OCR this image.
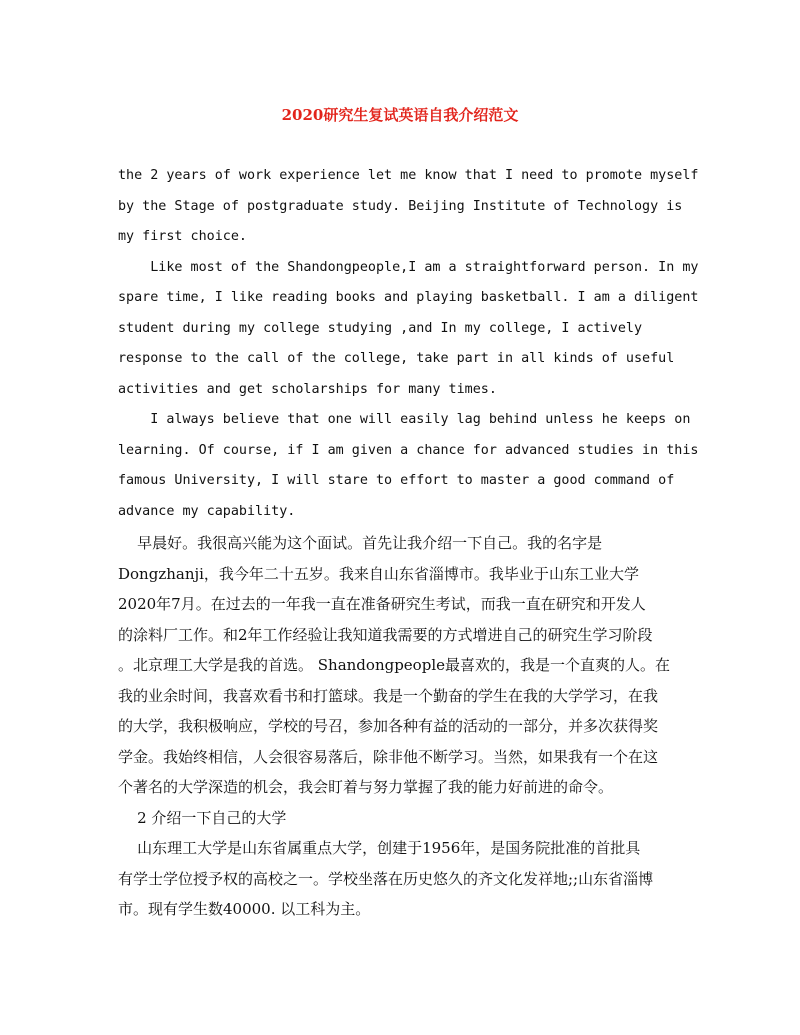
2020研究生复试英语自我介绍范文
the 2 years of work experience let me know that I need to promote myself
by the Stage of postgraduate study. Beijing Institute of Technology is
my first choice.
Like most of the Shandongpeople,I am a straightforward person. In my
spare time, I like reading books and playing basketball. I am a diligent
student during my college studying ,and In my college, I actively
response to the call of the college, take part in all kinds of useful
activities and get scholarships for many times.
I always believe that one will easily lag behind unless he keeps on
learning. Of course, if I am given a chance for advanced studies in this
famous University, I will stare to effort to master a good command of
advance my capability.
早晨好。我很高兴能为这个面试。首先让我介绍一下自己。我的名字是
Dongzhanji，我今年二十五岁。我来自山东省淄博市。我毕业于山东工业大学
2020年7月。在过去的一年我一直在准备研究生考试，而我一直在研究和开发人
的涂料厂工作。和2年工作经验让我知道我需要的方式增进自己的研究生学习阶段
。北京理工大学是我的首选。 Shandongpeople最喜欢的，我是一个直爽的人。在
我的业余时间，我喜欢看书和打篮球。我是一个勤奋的学生在我的大学学习，在我
的大学，我积极响应，学校的号召，参加各种有益的活动的一部分，并多次获得奖
学金。我始终相信，人会很容易落后，除非他不断学习。当然，如果我有一个在这
个著名的大学深造的机会，我会盯着与努力掌握了我的能力好前进的命令。
2 介绍一下自己的大学
山东理工大学是山东省属重点大学，创建于1956年，是国务院批准的首批具
有学士学位授予权的高校之一。学校坐落在历史悠久的齐文化发祥地;;山东省淄博
市。现有学生数40000. 以工科为主。
